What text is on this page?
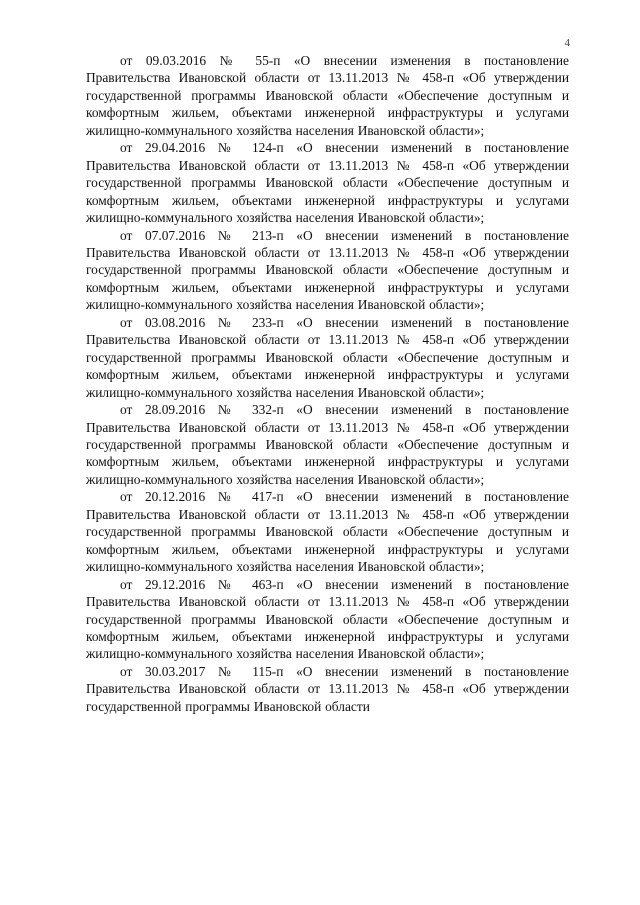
4

от 09.03.2016 № 55-п «О внесении изменения в постановление Правительства Ивановской области от 13.11.2013 № 458-п «Об утверждении государственной программы Ивановской области «Обеспечение доступным и комфортным жильем, объектами инженерной инфраструктуры и услугами жилищно-коммунального хозяйства населения Ивановской области»;

от 29.04.2016 № 124-п «О внесении изменений в постановление Правительства Ивановской области от 13.11.2013 № 458-п «Об утверждении государственной программы Ивановской области «Обеспечение доступным и комфортным жильем, объектами инженерной инфраструктуры и услугами жилищно-коммунального хозяйства населения Ивановской области»;

от 07.07.2016 № 213-п «О внесении изменений в постановление Правительства Ивановской области от 13.11.2013 № 458-п «Об утверждении государственной программы Ивановской области «Обеспечение доступным и комфортным жильем, объектами инженерной инфраструктуры и услугами жилищно-коммунального хозяйства населения Ивановской области»;

от 03.08.2016 № 233-п «О внесении изменений в постановление Правительства Ивановской области от 13.11.2013 № 458-п «Об утверждении государственной программы Ивановской области «Обеспечение доступным и комфортным жильем, объектами инженерной инфраструктуры и услугами жилищно-коммунального хозяйства населения Ивановской области»;

от 28.09.2016 № 332-п «О внесении изменений в постановление Правительства Ивановской области от 13.11.2013 № 458-п «Об утверждении государственной программы Ивановской области «Обеспечение доступным и комфортным жильем, объектами инженерной инфраструктуры и услугами жилищно-коммунального хозяйства населения Ивановской области»;

от 20.12.2016 № 417-п «О внесении изменений в постановление Правительства Ивановской области от 13.11.2013 № 458-п «Об утверждении государственной программы Ивановской области «Обеспечение доступным и комфортным жильем, объектами инженерной инфраструктуры и услугами жилищно-коммунального хозяйства населения Ивановской области»;

от 29.12.2016 № 463-п «О внесении изменений в постановление Правительства Ивановской области от 13.11.2013 № 458-п «Об утверждении государственной программы Ивановской области «Обеспечение доступным и комфортным жильем, объектами инженерной инфраструктуры и услугами жилищно-коммунального хозяйства населения Ивановской области»;

от 30.03.2017 № 115-п «О внесении изменений в постановление Правительства Ивановской области от 13.11.2013 № 458-п «Об утверждении государственной программы Ивановской области
